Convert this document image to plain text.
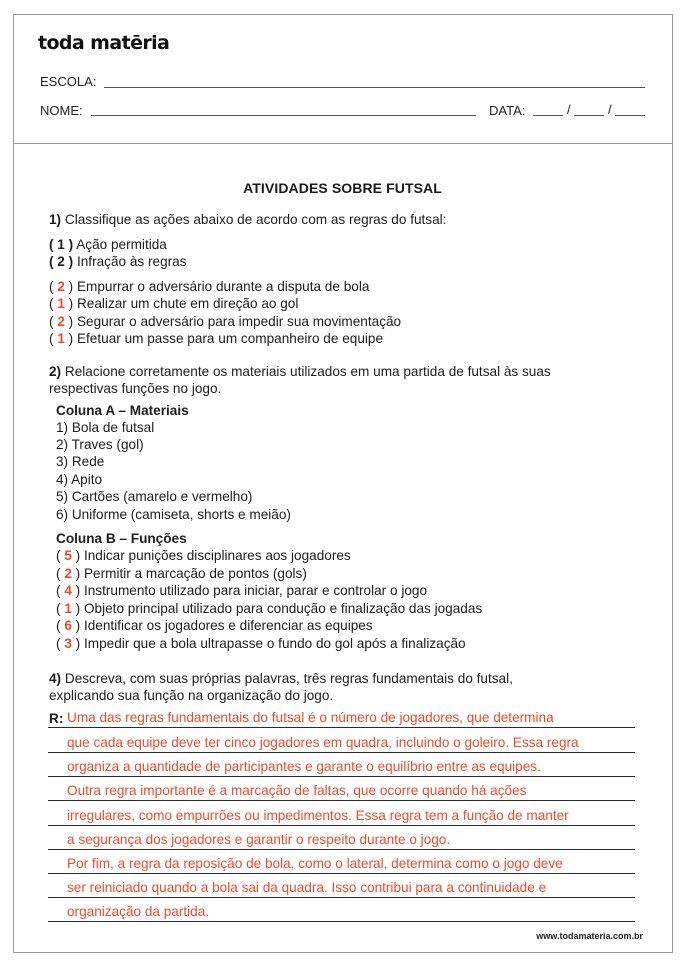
toda matēria
ESCOLA:
NOME:	DATA:	/	/
ATIVIDADES SOBRE FUTSAL
1) Classifique as ações abaixo de acordo com as regras do futsal:
( 1 ) Ação permitida
( 2 ) Infração às regras
( 2 ) Empurrar o adversário durante a disputa de bola
( 1 ) Realizar um chute em direção ao gol
( 2 ) Segurar o adversário para impedir sua movimentação
( 1 ) Efetuar um passe para um companheiro de equipe
2) Relacione corretamente os materiais utilizados em uma partida de futsal às suas
respectivas funções no jogo.
Coluna A – Materiais
1) Bola de futsal
2) Traves (gol)
3) Rede
4) Apito
5) Cartões (amarelo e vermelho)
6) Uniforme (camiseta, shorts e meião)
Coluna B – Funções
( 5 ) Indicar punições disciplinares aos jogadores
( 2 ) Permitir a marcação de pontos (gols)
( 4 ) Instrumento utilizado para iniciar, parar e controlar o jogo
( 1 ) Objeto principal utilizado para condução e finalização das jogadas
( 6 ) Identificar os jogadores e diferenciar as equipes
( 3 ) Impedir que a bola ultrapasse o fundo do gol após a finalização
4) Descreva, com suas próprias palavras, três regras fundamentais do futsal,
explicando sua função na organização do jogo.
R: Uma das regras fundamentais do futsal é o número de jogadores, que determina
que cada equipe deve ter cinco jogadores em quadra, incluindo o goleiro. Essa regra
organiza a quantidade de participantes e garante o equilíbrio entre as equipes.
Outra regra importante é a marcação de faltas, que ocorre quando há ações
irregulares, como empurrões ou impedimentos. Essa regra tem a função de manter
a segurança dos jogadores e garantir o respeito durante o jogo.
Por fim, a regra da reposição de bola, como o lateral, determina como o jogo deve
ser reiniciado quando a bola sai da quadra. Isso contribui para a continuidade e
organização da partida.
www.todamateria.com.br
